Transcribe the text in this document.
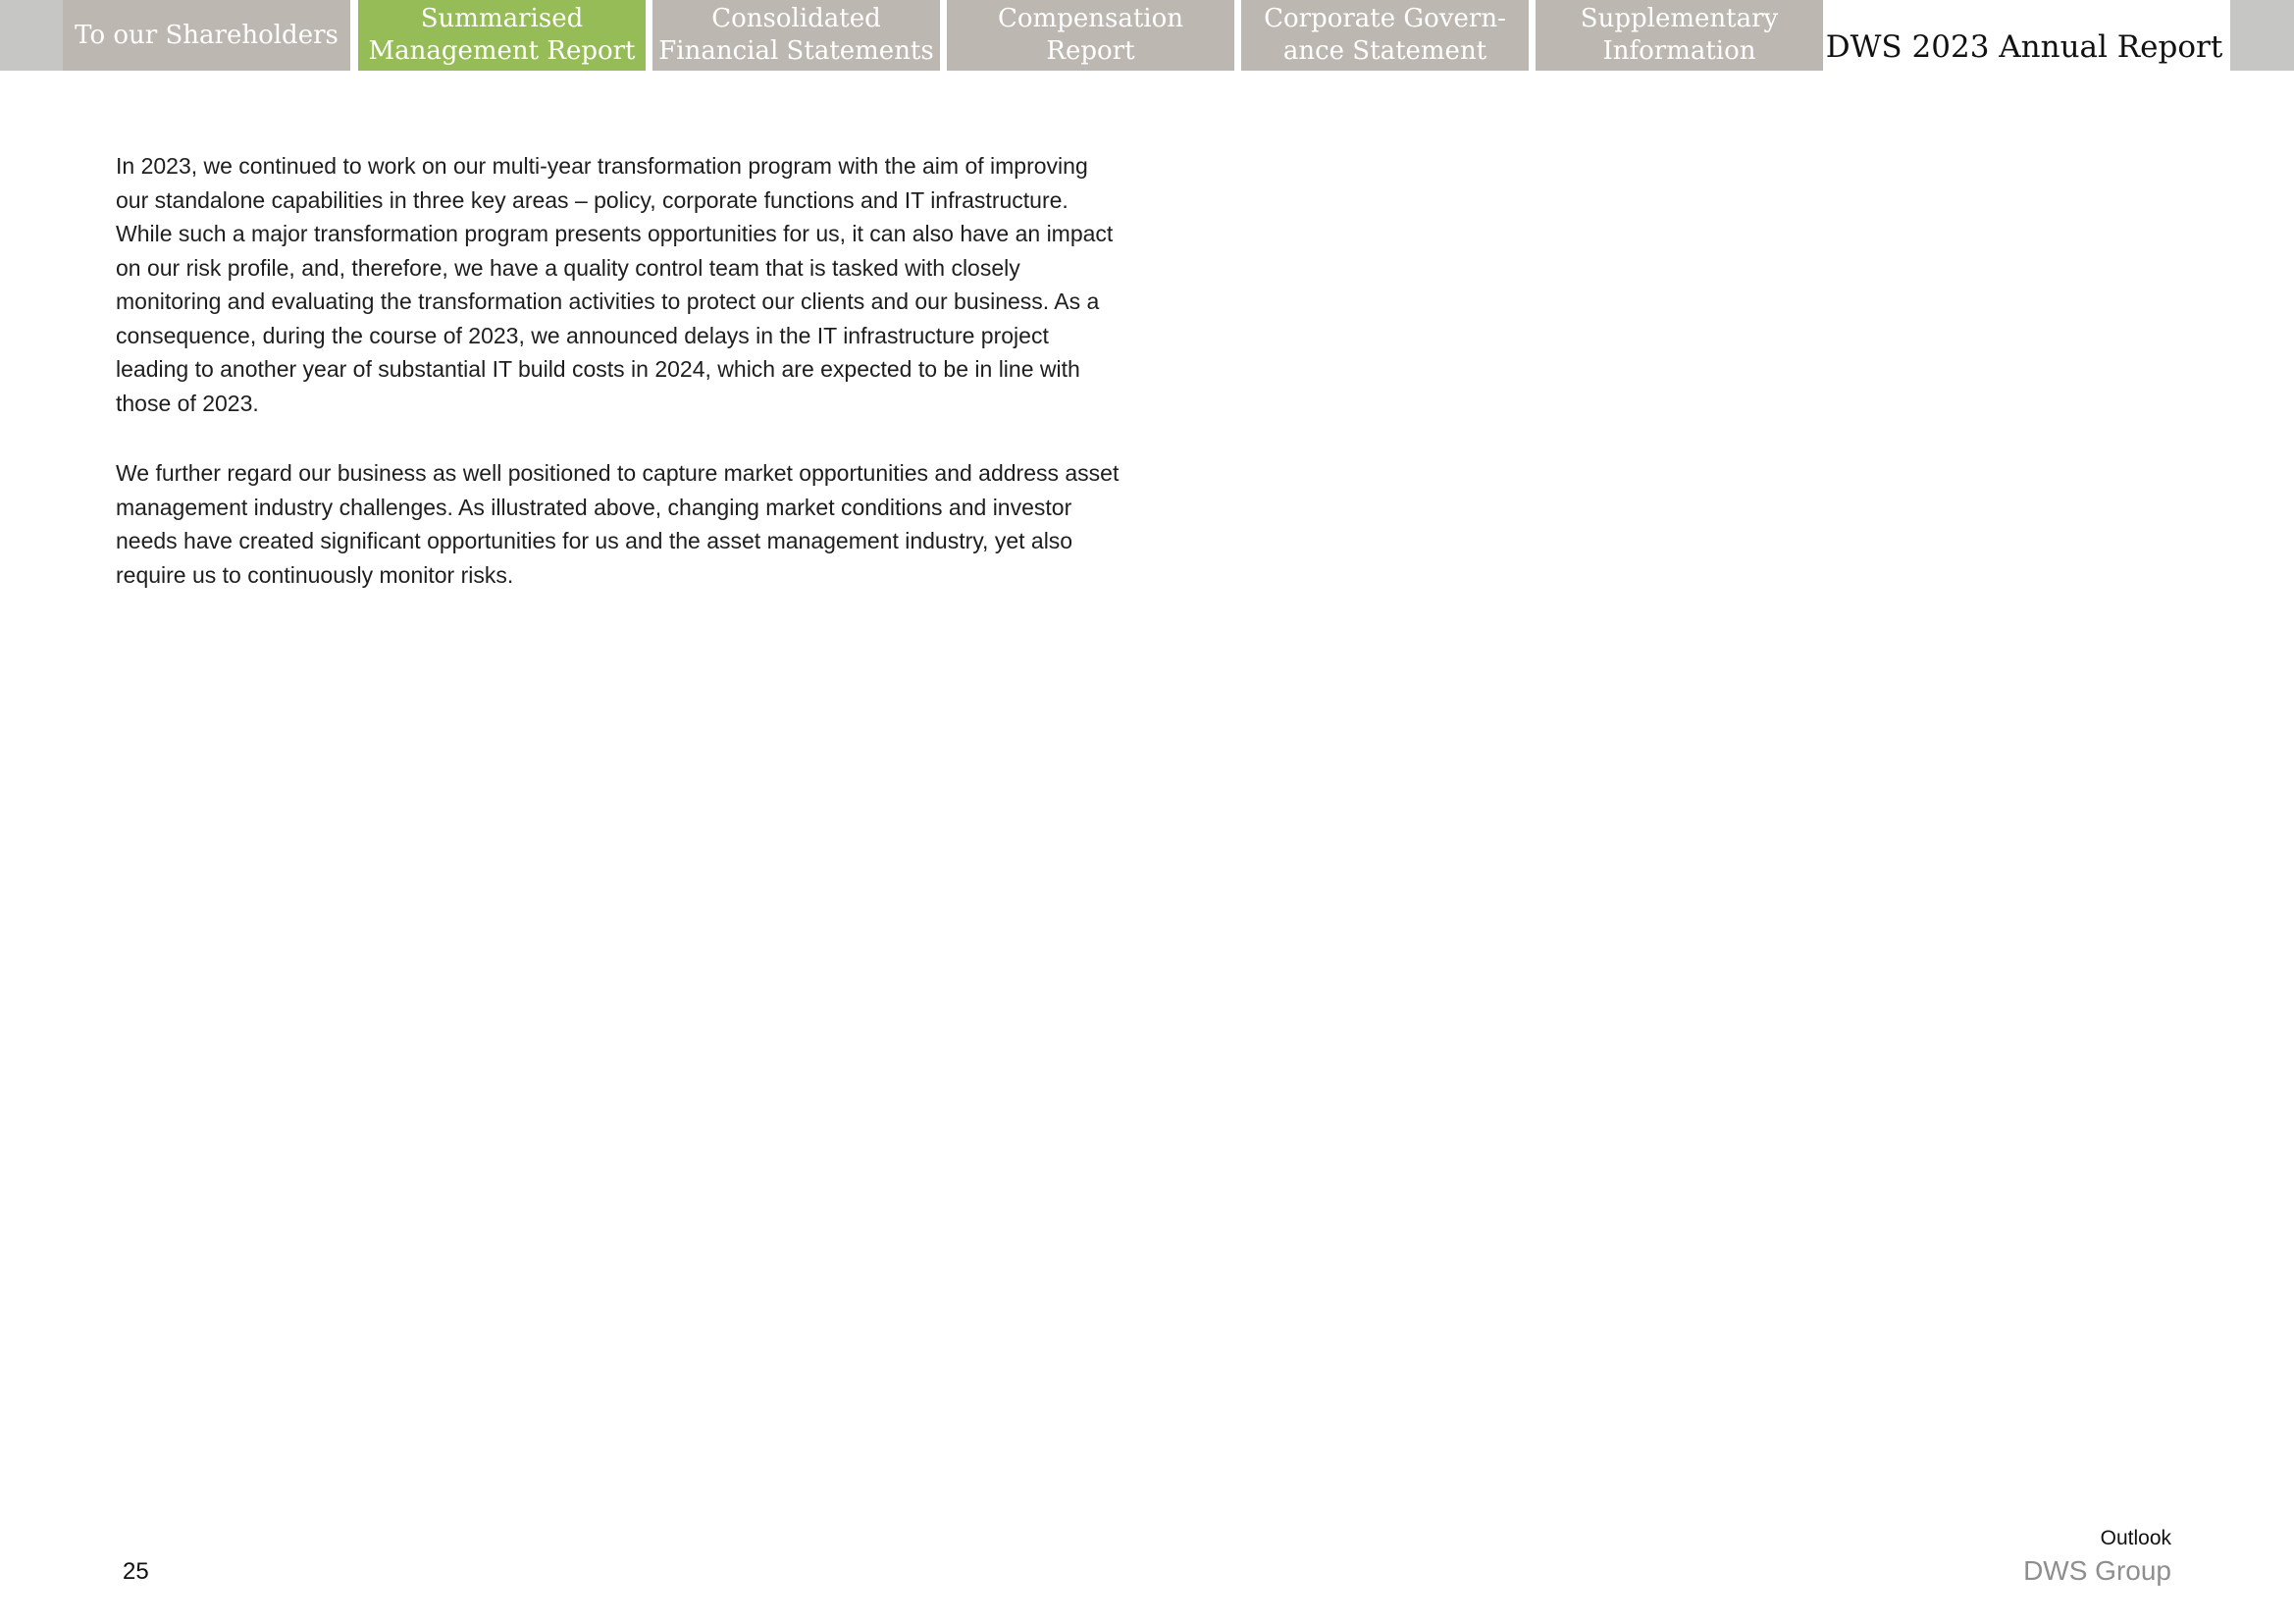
To our Shareholders
Summarised
Management Report
Consolidated
Financial Statements
Compensation Report
Corporate Govern-
ance Statement
Supplementary
Information	DWS 2023 Annual Report

In 2023, we continued to work on our multi-year transformation program with the aim of improving our standalone capabilities in three key areas – policy, corporate functions and IT infrastructure. While such a major transformation program presents opportunities for us, it can also have an impact on our risk profile, and, therefore, we have a quality control team that is tasked with closely monitoring and evaluating the transformation activities to protect our clients and our business. As a consequence, during the course of 2023, we announced delays in the IT infrastructure project leading to another year of substantial IT build costs in 2024, which are expected to be in line with those of 2023.

We further regard our business as well positioned to capture market opportunities and address asset management industry challenges. As illustrated above, changing market conditions and investor needs have created significant opportunities for us and the asset management industry, yet also require us to continuously monitor risks.

25
Outlook
DWS Group
